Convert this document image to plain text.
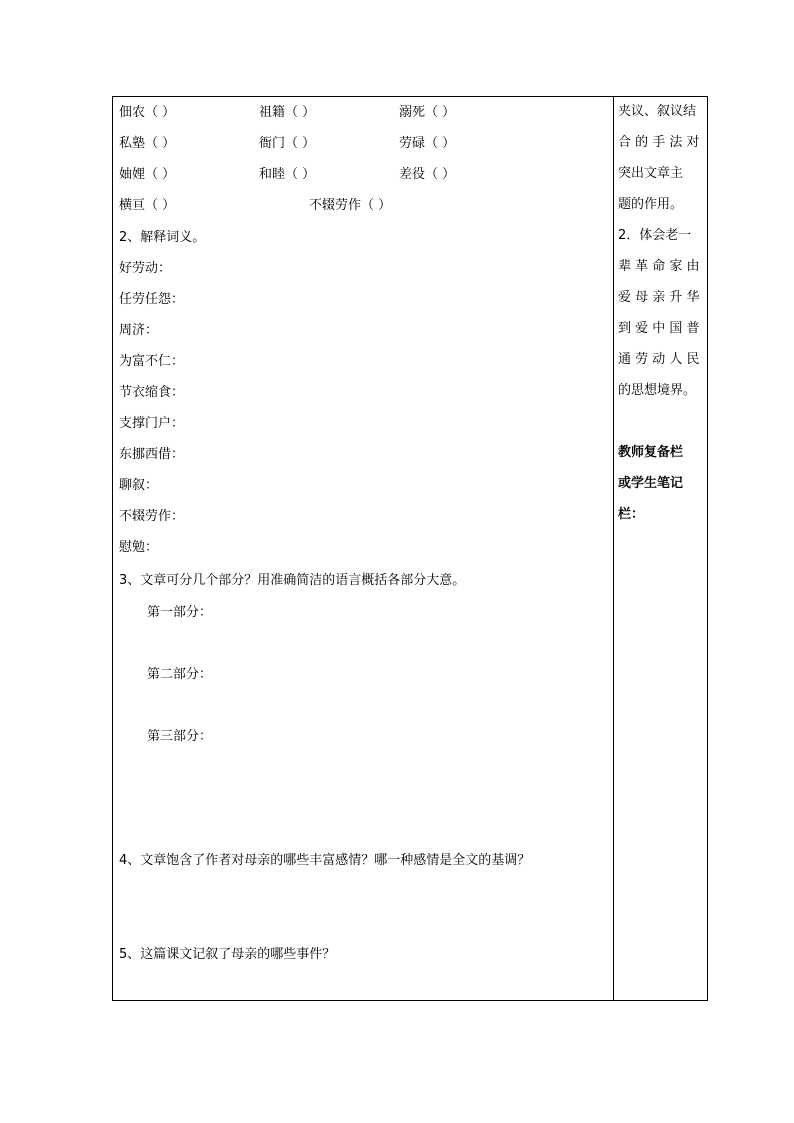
佃农（ ）	祖籍（ ）	溺死（ ）
私塾（ ）	衙门（ ）	劳碌（ ）
妯娌（ ）	和睦（ ）	差役（ ）
横亘（ ）	不辍劳作（ ）
2、解释词义。
好劳动：
任劳任怨：
周济：
为富不仁：
节衣缩食：
支撑门户：
东挪西借：
聊叙：
不辍劳作：
慰勉：
3、文章可分几个部分？用准确简洁的语言概括各部分大意。
第一部分：
第二部分：
第三部分：
4、文章饱含了作者对母亲的哪些丰富感情？哪一种感情是全文的基调？
5、这篇课文记叙了母亲的哪些事件？
夹议、叙议结
合 的 手 法 对
突出文章主
题的作用。
2．体会老一
辈 革 命 家 由
爱 母 亲 升 华
到 爱 中 国 普
通 劳 动 人 民
的思想境界。
教师复备栏
或学生笔记
栏：
